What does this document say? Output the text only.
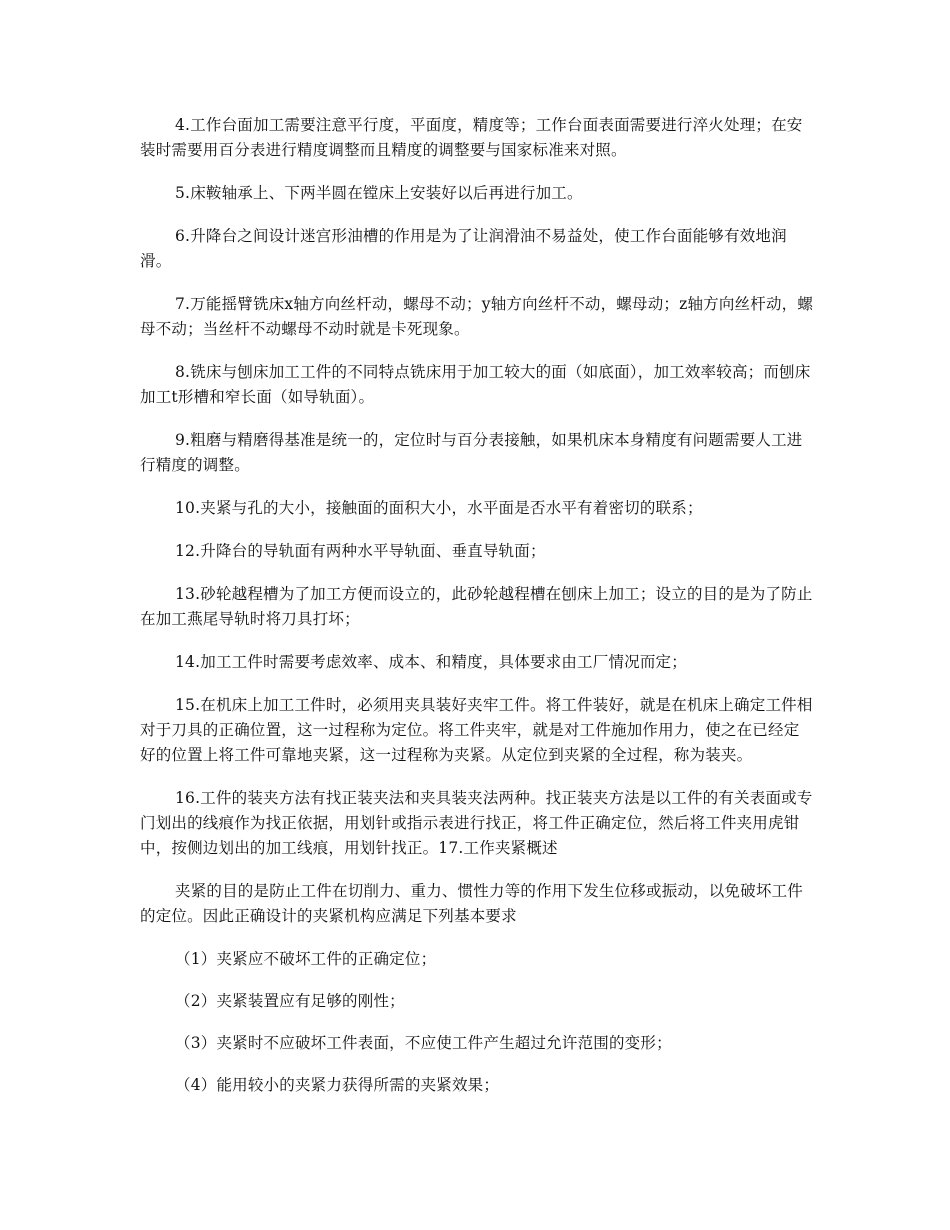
4.工作台面加工需要注意平行度，平面度，精度等；工作台面表面需要进行淬火处理；在安装时需要用百分表进行精度调整而且精度的调整要与国家标准来对照。

5.床鞍轴承上、下两半圆在镗床上安装好以后再进行加工。

6.升降台之间设计迷宫形油槽的作用是为了让润滑油不易益处，使工作台面能够有效地润滑。

7.万能摇臂铣床x轴方向丝杆动，螺母不动；y轴方向丝杆不动，螺母动；z轴方向丝杆动，螺母不动；当丝杆不动螺母不动时就是卡死现象。

8.铣床与刨床加工工件的不同特点铣床用于加工较大的面（如底面），加工效率较高；而刨床加工t形槽和窄长面（如导轨面）。

9.粗磨与精磨得基准是统一的，定位时与百分表接触，如果机床本身精度有问题需要人工进行精度的调整。

10.夹紧与孔的大小，接触面的面积大小，水平面是否水平有着密切的联系；

12.升降台的导轨面有两种水平导轨面、垂直导轨面；

13.砂轮越程槽为了加工方便而设立的，此砂轮越程槽在刨床上加工；设立的目的是为了防止在加工燕尾导轨时将刀具打坏；

14.加工工件时需要考虑效率、成本、和精度，具体要求由工厂情况而定；

15.在机床上加工工件时，必须用夹具装好夹牢工件。将工件装好，就是在机床上确定工件相对于刀具的正确位置，这一过程称为定位。将工件夹牢，就是对工件施加作用力，使之在已经定好的位置上将工件可靠地夹紧，这一过程称为夹紧。从定位到夹紧的全过程，称为装夹。

16.工件的装夹方法有找正装夹法和夹具装夹法两种。找正装夹方法是以工件的有关表面或专门划出的线痕作为找正依据，用划针或指示表进行找正，将工件正确定位，然后将工件夹用虎钳中，按侧边划出的加工线痕，用划针找正。17.工作夹紧概述

夹紧的目的是防止工件在切削力、重力、惯性力等的作用下发生位移或振动，以免破坏工件的定位。因此正确设计的夹紧机构应满足下列基本要求

（1）夹紧应不破坏工件的正确定位；

（2）夹紧装置应有足够的刚性；

（3）夹紧时不应破坏工件表面，不应使工件产生超过允许范围的变形；

（4）能用较小的夹紧力获得所需的夹紧效果；
